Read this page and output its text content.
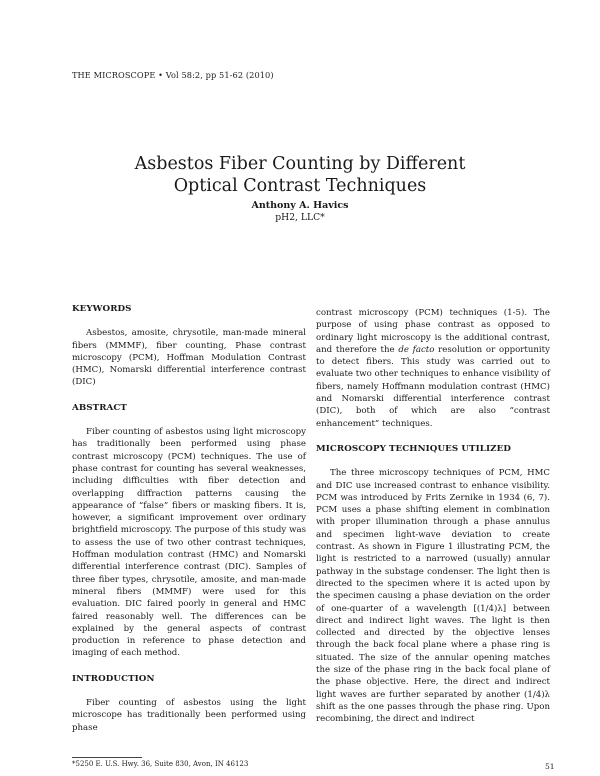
THE MICROSCOPE • Vol 58:2, pp 51-62 (2010)
Asbestos Fiber Counting by Different
Optical Contrast Techniques
Anthony A. Havics
pH2, LLC*
KEYWORDS

Asbestos, amosite, chrysotile, man-made mineral fibers (MMMF), fiber counting, Phase contrast microscopy (PCM), Hoffman Modulation Contrast (HMC), Nomarski differential interference contrast (DIC)

ABSTRACT

Fiber counting of asbestos using light microscopy has traditionally been performed using phase contrast microscopy (PCM) techniques. The use of phase contrast for counting has several weaknesses, including difficulties with fiber detection and overlapping diffraction patterns causing the appearance of “false” fibers or masking fibers. It is, however, a significant improvement over ordinary brightfield microscopy. The purpose of this study was to assess the use of two other contrast techniques, Hoffman modulation contrast (HMC) and Nomarski differential interference contrast (DIC). Samples of three fiber types, chrysotile, amosite, and man-made mineral fibers (MMMF) were used for this evaluation. DIC faired poorly in general and HMC faired reasonably well. The differences can be explained by the general aspects of contrast production in reference to phase detection and imaging of each method.

INTRODUCTION

Fiber counting of asbestos using the light microscope has traditionally been performed using phase

contrast microscopy (PCM) techniques (1-5). The purpose of using phase contrast as opposed to ordinary light microscopy is the additional contrast, and therefore the de facto resolution or opportunity to detect fibers. This study was carried out to evaluate two other techniques to enhance visibility of fibers, namely Hoffmann modulation contrast (HMC) and Nomarski differential interference contrast (DIC), both of which are also “contrast enhancement” techniques.

MICROSCOPY TECHNIQUES UTILIZED

The three microscopy techniques of PCM, HMC and DIC use increased contrast to enhance visibility. PCM was introduced by Frits Zernike in 1934 (6, 7). PCM uses a phase shifting element in combination with proper illumination through a phase annulus and specimen light-wave deviation to create contrast. As shown in Figure 1 illustrating PCM, the light is restricted to a narrowed (usually) annular pathway in the substage condenser. The light then is directed to the specimen where it is acted upon by the specimen causing a phase deviation on the order of one-quarter of a wavelength [(1/4)λ] between direct and indirect light waves. The light is then collected and directed by the objective lenses through the back focal plane where a phase ring is situated. The size of the annular opening matches the size of the phase ring in the back focal plane of the phase objective. Here, the direct and indirect light waves are further separated by another (1/4)λ shift as the one passes through the phase ring. Upon recombining, the direct and indirect

*5250 E. U.S. Hwy. 36, Suite 830, Avon, IN 46123	51
